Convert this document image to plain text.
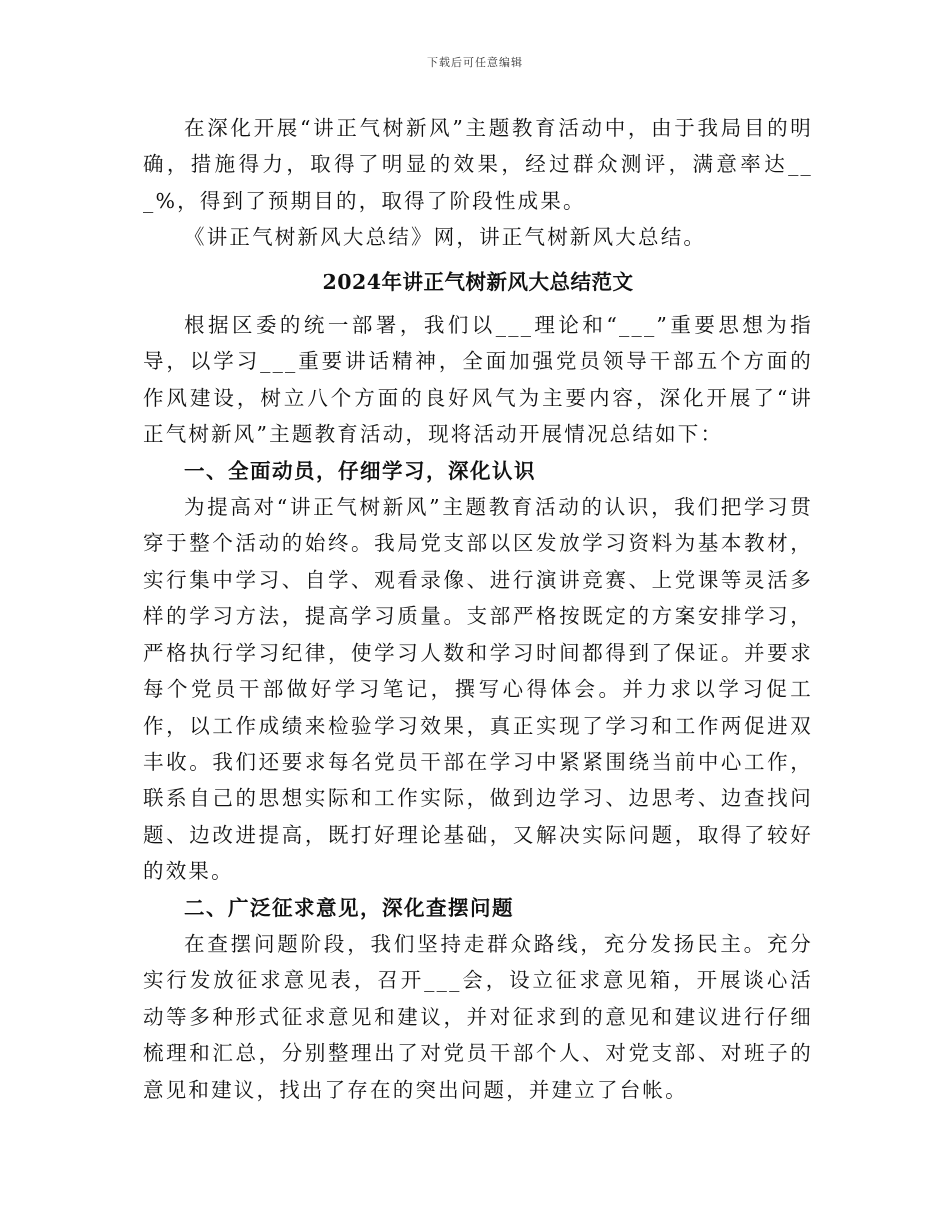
下载后可任意编辑

在深化开展“讲正气树新风”主题教育活动中，由于我局目的明确，措施得力，取得了明显的效果，经过群众测评，满意率达___%，得到了预期目的，取得了阶段性成果。

《讲正气树新风大总结》网，讲正气树新风大总结。

2024年讲正气树新风大总结范文

根据区委的统一部署，我们以___理论和“___”重要思想为指导，以学习___重要讲话精神，全面加强党员领导干部五个方面的作风建设，树立八个方面的良好风气为主要内容，深化开展了“讲正气树新风”主题教育活动，现将活动开展情况总结如下：

一、全面动员，仔细学习，深化认识

为提高对“讲正气树新风”主题教育活动的认识，我们把学习贯穿于整个活动的始终。我局党支部以区发放学习资料为基本教材，实行集中学习、自学、观看录像、进行演讲竞赛、上党课等灵活多样的学习方法，提高学习质量。支部严格按既定的方案安排学习，严格执行学习纪律，使学习人数和学习时间都得到了保证。并要求每个党员干部做好学习笔记，撰写心得体会。并力求以学习促工作，以工作成绩来检验学习效果，真正实现了学习和工作两促进双丰收。我们还要求每名党员干部在学习中紧紧围绕当前中心工作，联系自己的思想实际和工作实际，做到边学习、边思考、边查找问题、边改进提高，既打好理论基础，又解决实际问题，取得了较好的效果。

二、广泛征求意见，深化查摆问题

在查摆问题阶段，我们坚持走群众路线，充分发扬民主。充分实行发放征求意见表，召开___会，设立征求意见箱，开展谈心活动等多种形式征求意见和建议，并对征求到的意见和建议进行仔细梳理和汇总，分别整理出了对党员干部个人、对党支部、对班子的意见和建议，找出了存在的突出问题，并建立了台帐。
